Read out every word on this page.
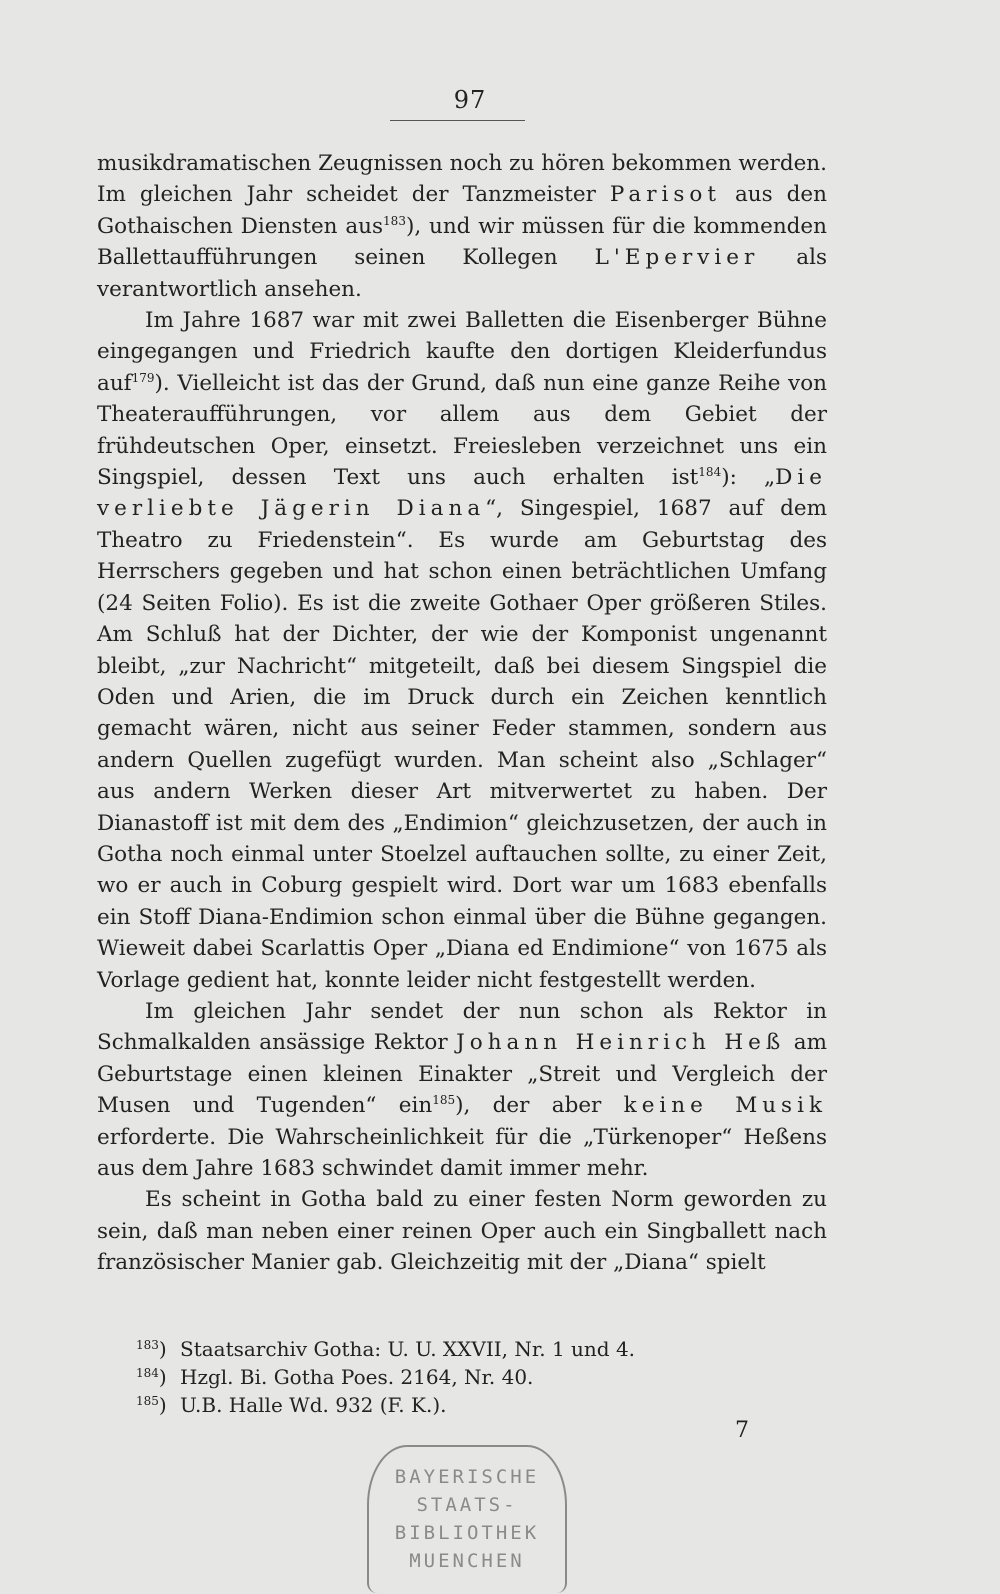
97

musikdramatischen Zeugnissen noch zu hören bekommen werden. Im gleichen Jahr scheidet der Tanzmeister Parisot aus den Gothaischen Diensten aus$^{183}$), und wir müssen für die kommenden Ballettaufführungen seinen Kollegen L'Epervier als verantwortlich ansehen.

Im Jahre 1687 war mit zwei Balletten die Eisenberger Bühne eingegangen und Friedrich kaufte den dortigen Kleiderfundus auf$^{179}$). Vielleicht ist das der Grund, daß nun eine ganze Reihe von Theateraufführungen, vor allem aus dem Gebiet der frühdeutschen Oper, einsetzt. Freiesleben verzeichnet uns ein Singspiel, dessen Text uns auch erhalten ist$^{184}$): „Die verliebte Jägerin Diana“, Singespiel, 1687 auf dem Theatro zu Friedenstein“. Es wurde am Geburtstag des Herrschers gegeben und hat schon einen beträchtlichen Umfang (24 Seiten Folio). Es ist die zweite Gothaer Oper größeren Stiles. Am Schluß hat der Dichter, der wie der Komponist ungenannt bleibt, „zur Nachricht“ mitgeteilt, daß bei diesem Singspiel die Oden und Arien, die im Druck durch ein Zeichen kenntlich gemacht wären, nicht aus seiner Feder stammen, sondern aus andern Quellen zugefügt wurden. Man scheint also „Schlager“ aus andern Werken dieser Art mitverwertet zu haben. Der Dianastoff ist mit dem des „Endimion“ gleichzusetzen, der auch in Gotha noch einmal unter Stoelzel auftauchen sollte, zu einer Zeit, wo er auch in Coburg gespielt wird. Dort war um 1683 ebenfalls ein Stoff Diana-Endimion schon einmal über die Bühne gegangen. Wieweit dabei Scarlattis Oper „Diana ed Endimione“ von 1675 als Vorlage gedient hat, konnte leider nicht festgestellt werden.

Im gleichen Jahr sendet der nun schon als Rektor in Schmalkalden ansässige Rektor Johann Heinrich Heß am Geburtstage einen kleinen Einakter „Streit und Vergleich der Musen und Tugenden“ ein$^{185}$), der aber keine Musik erforderte. Die Wahrscheinlichkeit für die „Türkenoper“ Heßens aus dem Jahre 1683 schwindet damit immer mehr.

Es scheint in Gotha bald zu einer festen Norm geworden zu sein, daß man neben einer reinen Oper auch ein Singballett nach französischer Manier gab. Gleichzeitig mit der „Diana“ spielt

$^{183}$) Staatsarchiv Gotha: U. U. XXVII, Nr. 1 und 4.
$^{184}$) Hzgl. Bi. Gotha Poes. 2164, Nr. 40.
$^{185}$) U.B. Halle Wd. 932 (F. K.).
7
BAYERISCHE
STAATS-
BIBLIOTHEK
MUENCHEN
